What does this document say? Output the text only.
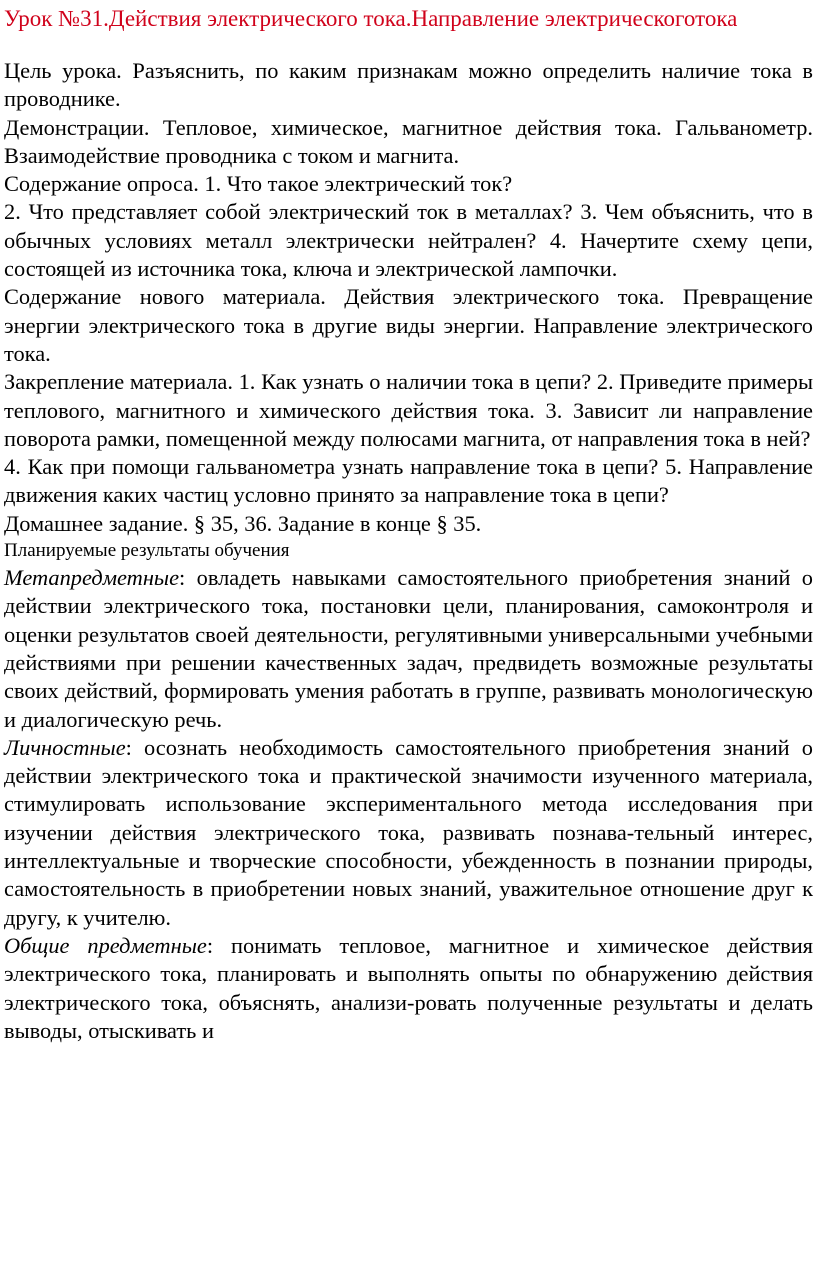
Урок №31.Действия электрического тока.Направление электрическоготока

Цель урока. Разъяснить, по каким признакам можно определить наличие тока в проводнике.

Демонстрации. Тепловое, химическое, магнитное действия тока. Гальванометр. Взаимодействие проводника с током и магнита.

Содержание опроса. 1. Что такое электрический ток?

2. Что представляет собой электрический ток в металлах? 3. Чем объяснить, что в обычных условиях металл электрически нейтрален? 4. Начертите схему цепи, состоящей из источника тока, ключа и электрической лампочки.

Содержание нового материала. Действия электрического тока. Превращение энергии электрического тока в другие виды энергии. Направление электрического тока.

Закрепление материала. 1. Как узнать о наличии тока в цепи? 2. Приведите примеры теплового, магнитного и химического действия тока. 3. Зависит ли направление поворота рамки, помещенной между полюсами магнита, от направления тока в ней?

4. Как при помощи гальванометра узнать направление тока в цепи? 5. Направление движения каких частиц условно принято за направление тока в цепи?

Домашнее задание. § 35, 36. Задание в конце § 35.

Планируемые результаты обучения

Метапредметные: овладеть навыками самостоятельного приобретения знаний о действии электрического тока, постановки цели, планирования, самоконтроля и оценки результатов своей деятельности, регулятивными универсальными учебными действиями при решении качественных задач, предвидеть возможные результаты своих действий, формировать умения работать в группе, развивать монологическую и диалогическую речь.

Личностные: осознать необходимость самостоятельного приобретения знаний о действии электрического тока и практической значимости изученного материала, стимулировать использование экспериментального метода исследования при изучении действия электрического тока, развивать познава-тельный интерес, интеллектуальные и творческие способности, убежденность в познании природы, самостоятельность в приобретении новых знаний, уважительное отношение друг к другу, к учителю.

Общие предметные: понимать тепловое, магнитное и химическое действия электрического тока, планировать и выполнять опыты по обнаружению действия электрического тока, объяснять, анализи-ровать полученные результаты и делать выводы, отыскивать и
